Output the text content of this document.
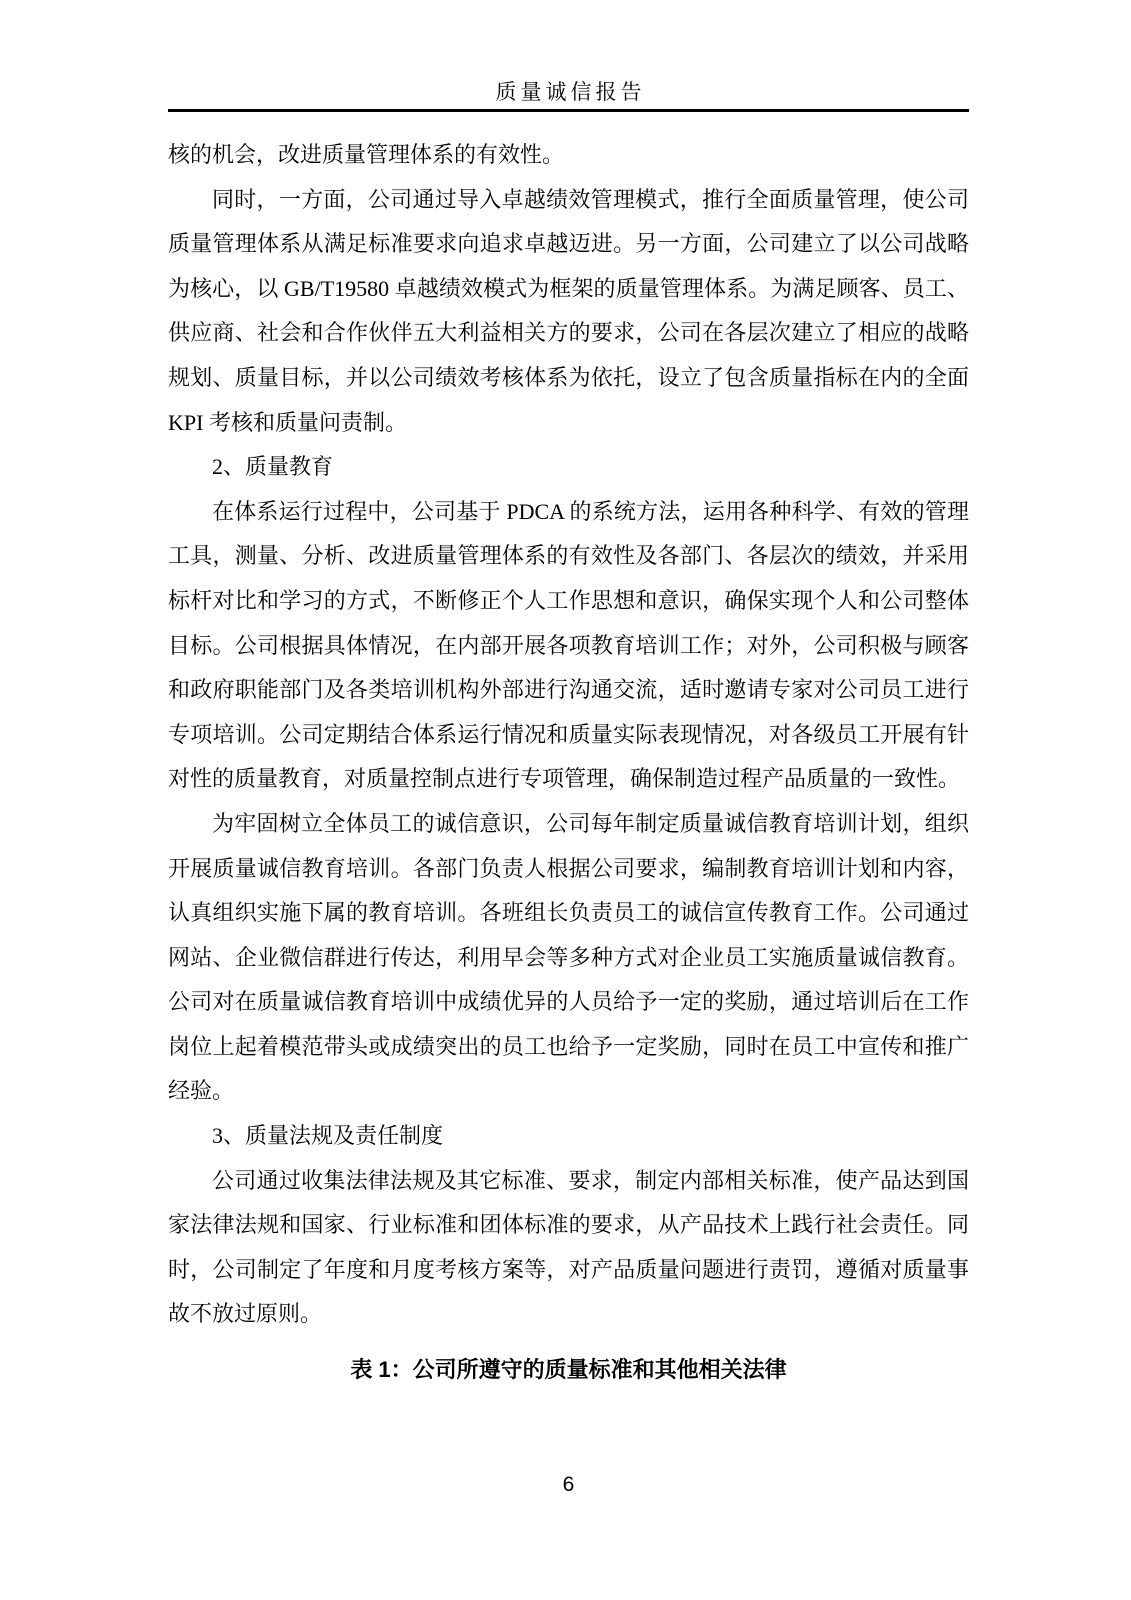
质量诚信报告

核的机会，改进质量管理体系的有效性。

同时，一方面，公司通过导入卓越绩效管理模式，推行全面质量管理，使公司质量管理体系从满足标准要求向追求卓越迈进。另一方面，公司建立了以公司战略为核心，以 GB/T19580 卓越绩效模式为框架的质量管理体系。为满足顾客、员工、供应商、社会和合作伙伴五大利益相关方的要求，公司在各层次建立了相应的战略规划、质量目标，并以公司绩效考核体系为依托，设立了包含质量指标在内的全面 KPI 考核和质量问责制。

2、质量教育

在体系运行过程中，公司基于 PDCA 的系统方法，运用各种科学、有效的管理工具，测量、分析、改进质量管理体系的有效性及各部门、各层次的绩效，并采用标杆对比和学习的方式，不断修正个人工作思想和意识，确保实现个人和公司整体目标。公司根据具体情况，在内部开展各项教育培训工作；对外，公司积极与顾客和政府职能部门及各类培训机构外部进行沟通交流，适时邀请专家对公司员工进行专项培训。公司定期结合体系运行情况和质量实际表现情况，对各级员工开展有针对性的质量教育，对质量控制点进行专项管理，确保制造过程产品质量的一致性。

为牢固树立全体员工的诚信意识，公司每年制定质量诚信教育培训计划，组织开展质量诚信教育培训。各部门负责人根据公司要求，编制教育培训计划和内容，认真组织实施下属的教育培训。各班组长负责员工的诚信宣传教育工作。公司通过网站、企业微信群进行传达，利用早会等多种方式对企业员工实施质量诚信教育。公司对在质量诚信教育培训中成绩优异的人员给予一定的奖励，通过培训后在工作岗位上起着模范带头或成绩突出的员工也给予一定奖励，同时在员工中宣传和推广经验。

3、质量法规及责任制度

公司通过收集法律法规及其它标准、要求，制定内部相关标准，使产品达到国家法律法规和国家、行业标准和团体标准的要求，从产品技术上践行社会责任。同时，公司制定了年度和月度考核方案等，对产品质量问题进行责罚，遵循对质量事故不放过原则。

表 1：公司所遵守的质量标准和其他相关法律
6
